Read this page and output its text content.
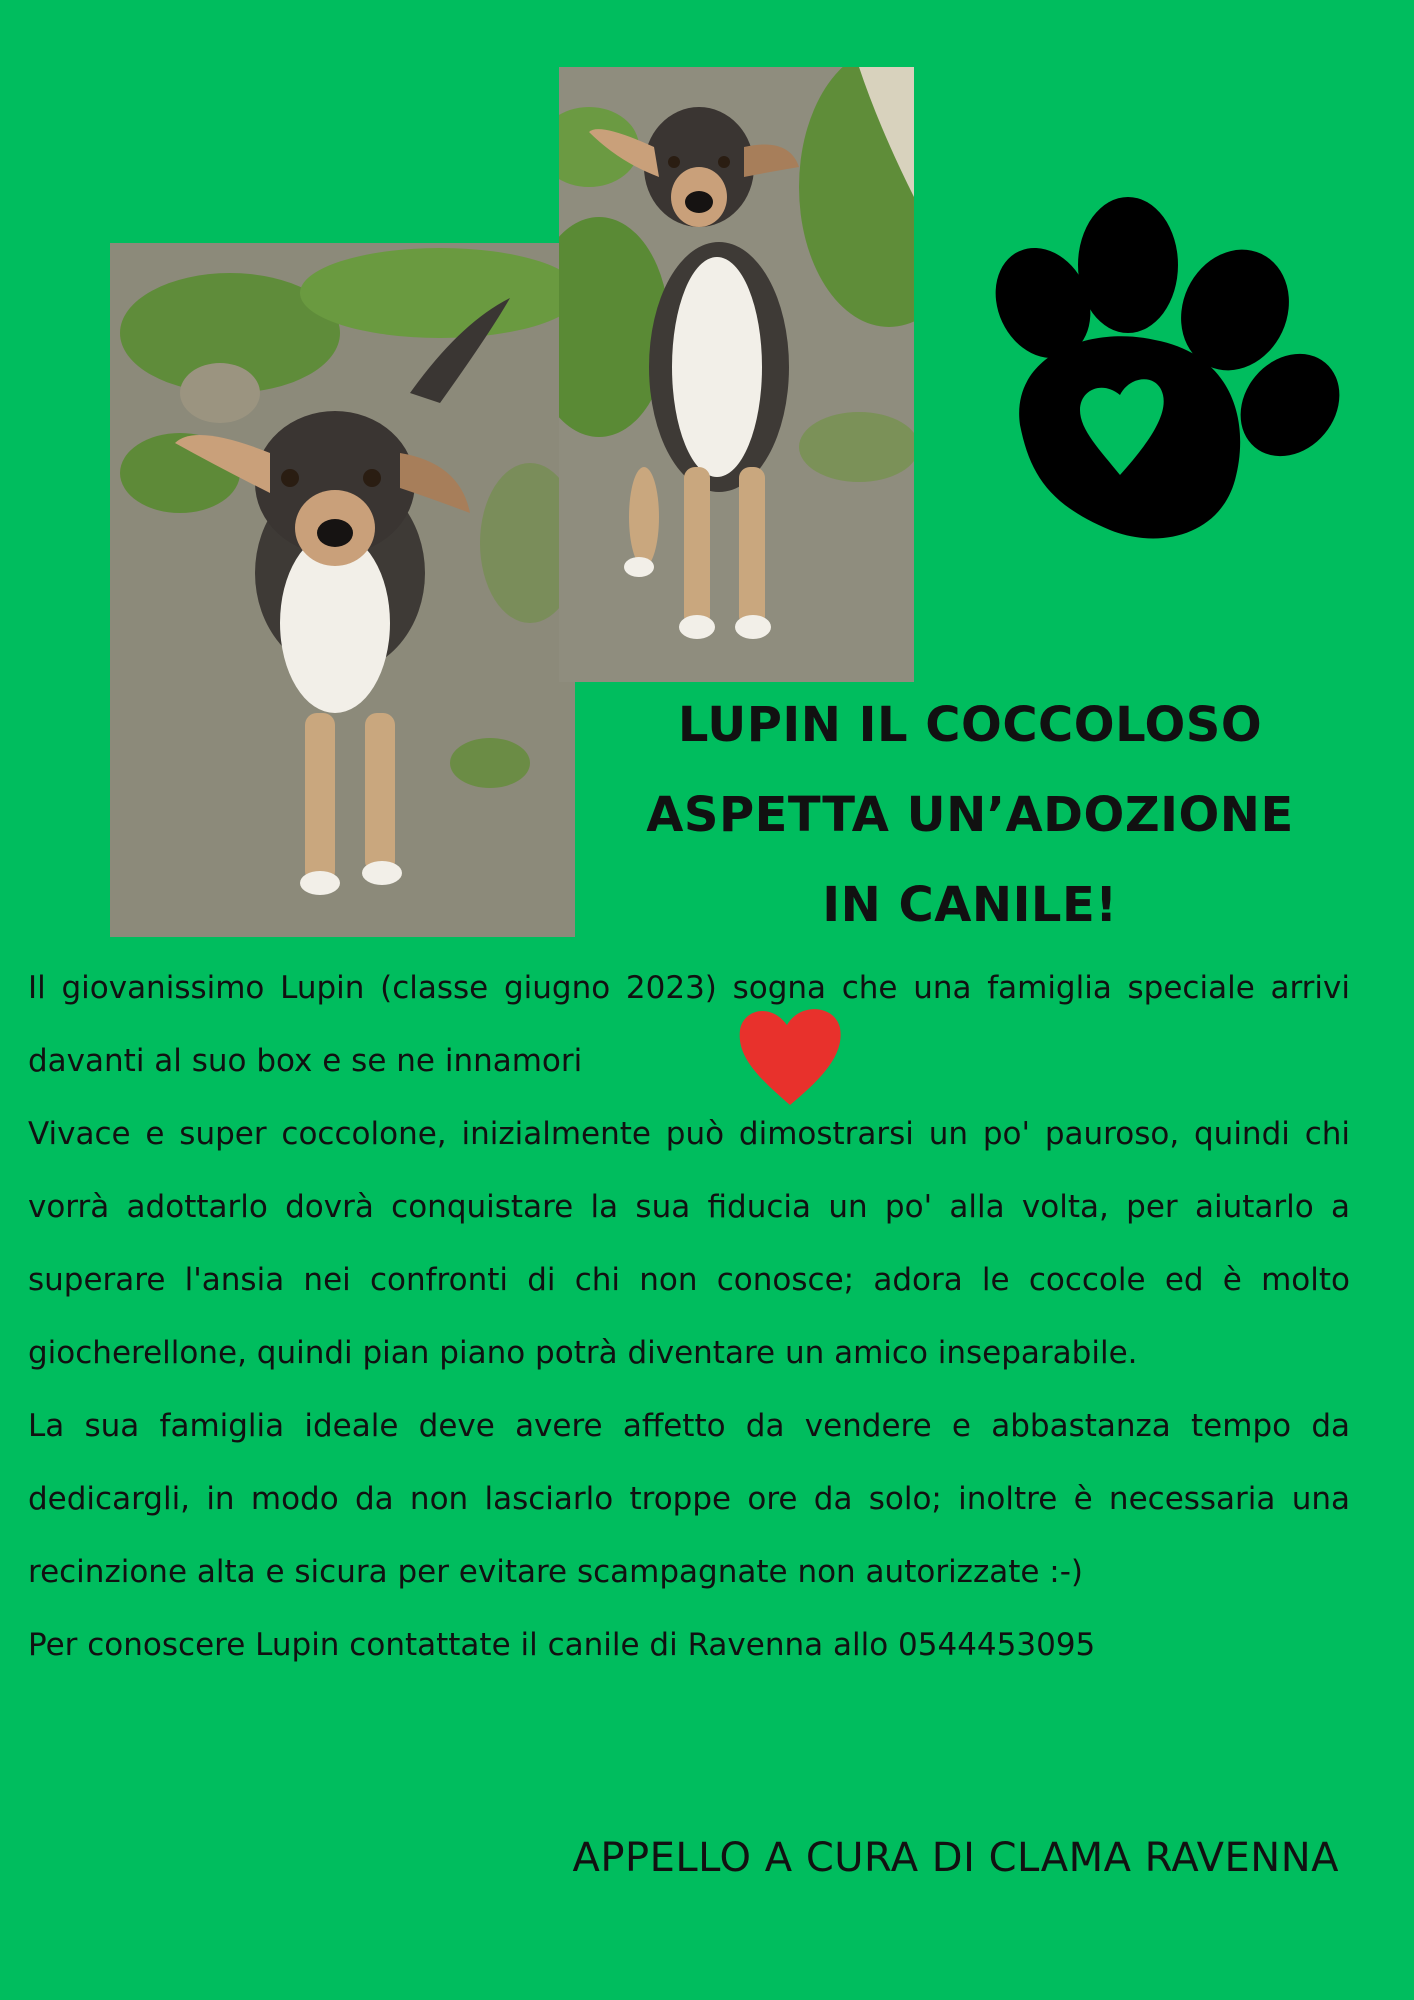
LUPIN IL COCCOLOSO
ASPETTA UN’ADOZIONE
IN CANILE!

Il giovanissimo Lupin (classe giugno 2023) sogna che una famiglia speciale arrivi davanti al suo box e se ne innamori

Vivace e super coccolone, inizialmente può dimostrarsi un po' pauroso, quindi chi vorrà adottarlo dovrà conquistare la sua fiducia un po' alla volta, per aiutarlo a superare l'ansia nei confronti di chi non conosce; adora le coccole ed è molto giocherellone, quindi pian piano potrà diventare un amico inseparabile.

La sua famiglia ideale deve avere affetto da vendere e abbastanza tempo da dedicargli, in modo da non lasciarlo troppe ore da solo; inoltre è necessaria una recinzione alta e sicura per evitare scampagnate non autorizzate :-)

Per conoscere Lupin contattate il canile di Ravenna allo 0544453095

APPELLO A CURA DI CLAMA RAVENNA
